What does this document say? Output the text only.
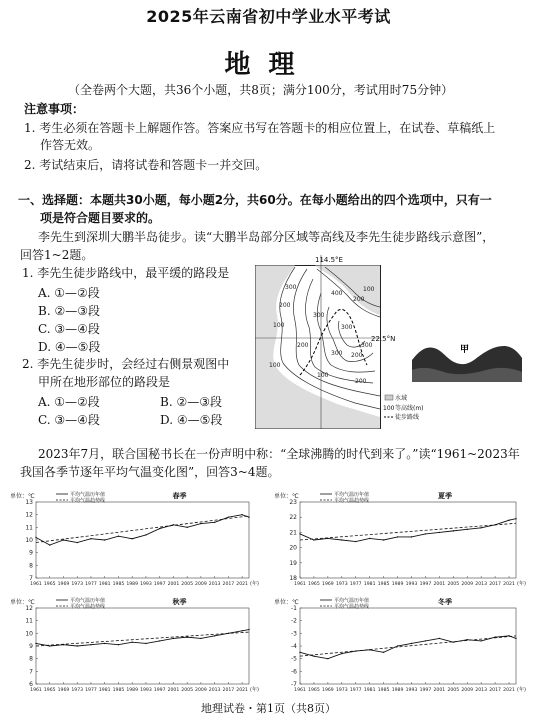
2025年云南省初中学业水平考试
地理
（全卷两个大题，共36个小题，共8页；满分100分，考试用时75分钟）
注意事项：
1. 考生必须在答题卡上解题作答。答案应书写在答题卡的相应位置上，在试卷、草稿纸上
作答无效。
2. 考试结束后，请将试卷和答题卡一并交回。
一、选择题：本题共30小题，每小题2分，共60分。在每小题给出的四个选项中，只有一
项是符合题目要求的。
李先生到深圳大鹏半岛徒步。读“大鹏半岛部分区域等高线及李先生徒步路线示意图”，
回答1~2题。
1. 李先生徒步路线中，最平缓的路段是
A. ①—②段
B. ②—③段
C. ③—④段
D. ④—⑤段
2. 李先生徒步时，会经过右侧景观图中
甲所在地形部位的路段是
A. ①—②段	B. ②—③段
C. ③—④段	D. ④—⑤段
114.5°E
22.5°N
300
200
100
100
200
300
400
200
100
300
200
100
300
200
300
水域
100 等高线(m)
徒步路线
甲
2023年7月，联合国秘书长在一份声明中称：“全球沸腾的时代到来了。”读“1961~2023年
我国各季节逐年平均气温变化图”，回答3~4题。
单位：℃	春季
平均气温历年值
平均气温趋势线
7
8
9
10
11
12
13
1961 1965 1969 1973 1977 1981 1985 1989 1993 1997 2001 2005 2009 2013 2017 2021 (年)
单位：℃	夏季
平均气温历年值
平均气温趋势线
18
19
20
21
22
23
1961 1965 1969 1973 1977 1981 1985 1989 1993 1997 2001 2005 2009 2013 2017 2021 (年)
单位：℃	秋季
平均气温历年值
平均气温趋势线
6
7
8
9
10
11
12
1961 1965 1969 1973 1977 1981 1985 1989 1993 1997 2001 2005 2009 2013 2017 2021 (年)
单位：℃	冬季
平均气温历年值
平均气温趋势线
-1
-2
-3
-4
-5
-6
-7
1961 1965 1969 1973 1977 1981 1985 1989 1993 1997 2001 2005 2009 2013 2017 2021 (年)
地理试卷・第1页（共8页）
